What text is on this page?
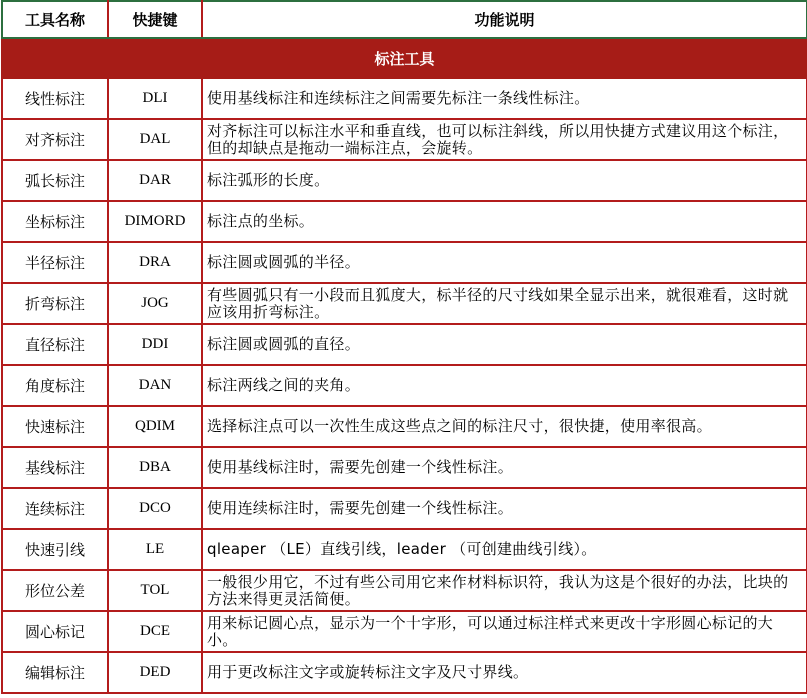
工具名称	快捷键	功能说明
标注工具		
线性标注	DLI	使用基线标注和连续标注之间需要先标注一条线性标注。
对齐标注	DAL	对齐标注可以标注水平和垂直线，也可以标注斜线，所以用快捷方式建议用这个标注，但的却缺点是拖动一端标注点，会旋转。
弧长标注	DAR	标注弧形的长度。
坐标标注	DIMORD	标注点的坐标。
半径标注	DRA	标注圆或圆弧的半径。
折弯标注	JOG	有些圆弧只有一小段而且狐度大，标半径的尺寸线如果全显示出来，就很难看，这时就应该用折弯标注。
直径标注	DDI	标注圆或圆弧的直径。
角度标注	DAN	标注两线之间的夹角。
快速标注	QDIM	选择标注点可以一次性生成这些点之间的标注尺寸，很快捷，使用率很高。
基线标注	DBA	使用基线标注时，需要先创建一个线性标注。
连续标注	DCO	使用连续标注时，需要先创建一个线性标注。
快速引线	LE	qleaper （LE）直线引线，leader （可创建曲线引线）。
形位公差	TOL	一般很少用它，不过有些公司用它来作材料标识符，我认为这是个很好的办法，比块的方法来得更灵活简便。
圆心标记	DCE	用来标记圆心点，显示为一个十字形，可以通过标注样式来更改十字形圆心标记的大小。
编辑标注	DED	用于更改标注文字或旋转标注文字及尺寸界线。
